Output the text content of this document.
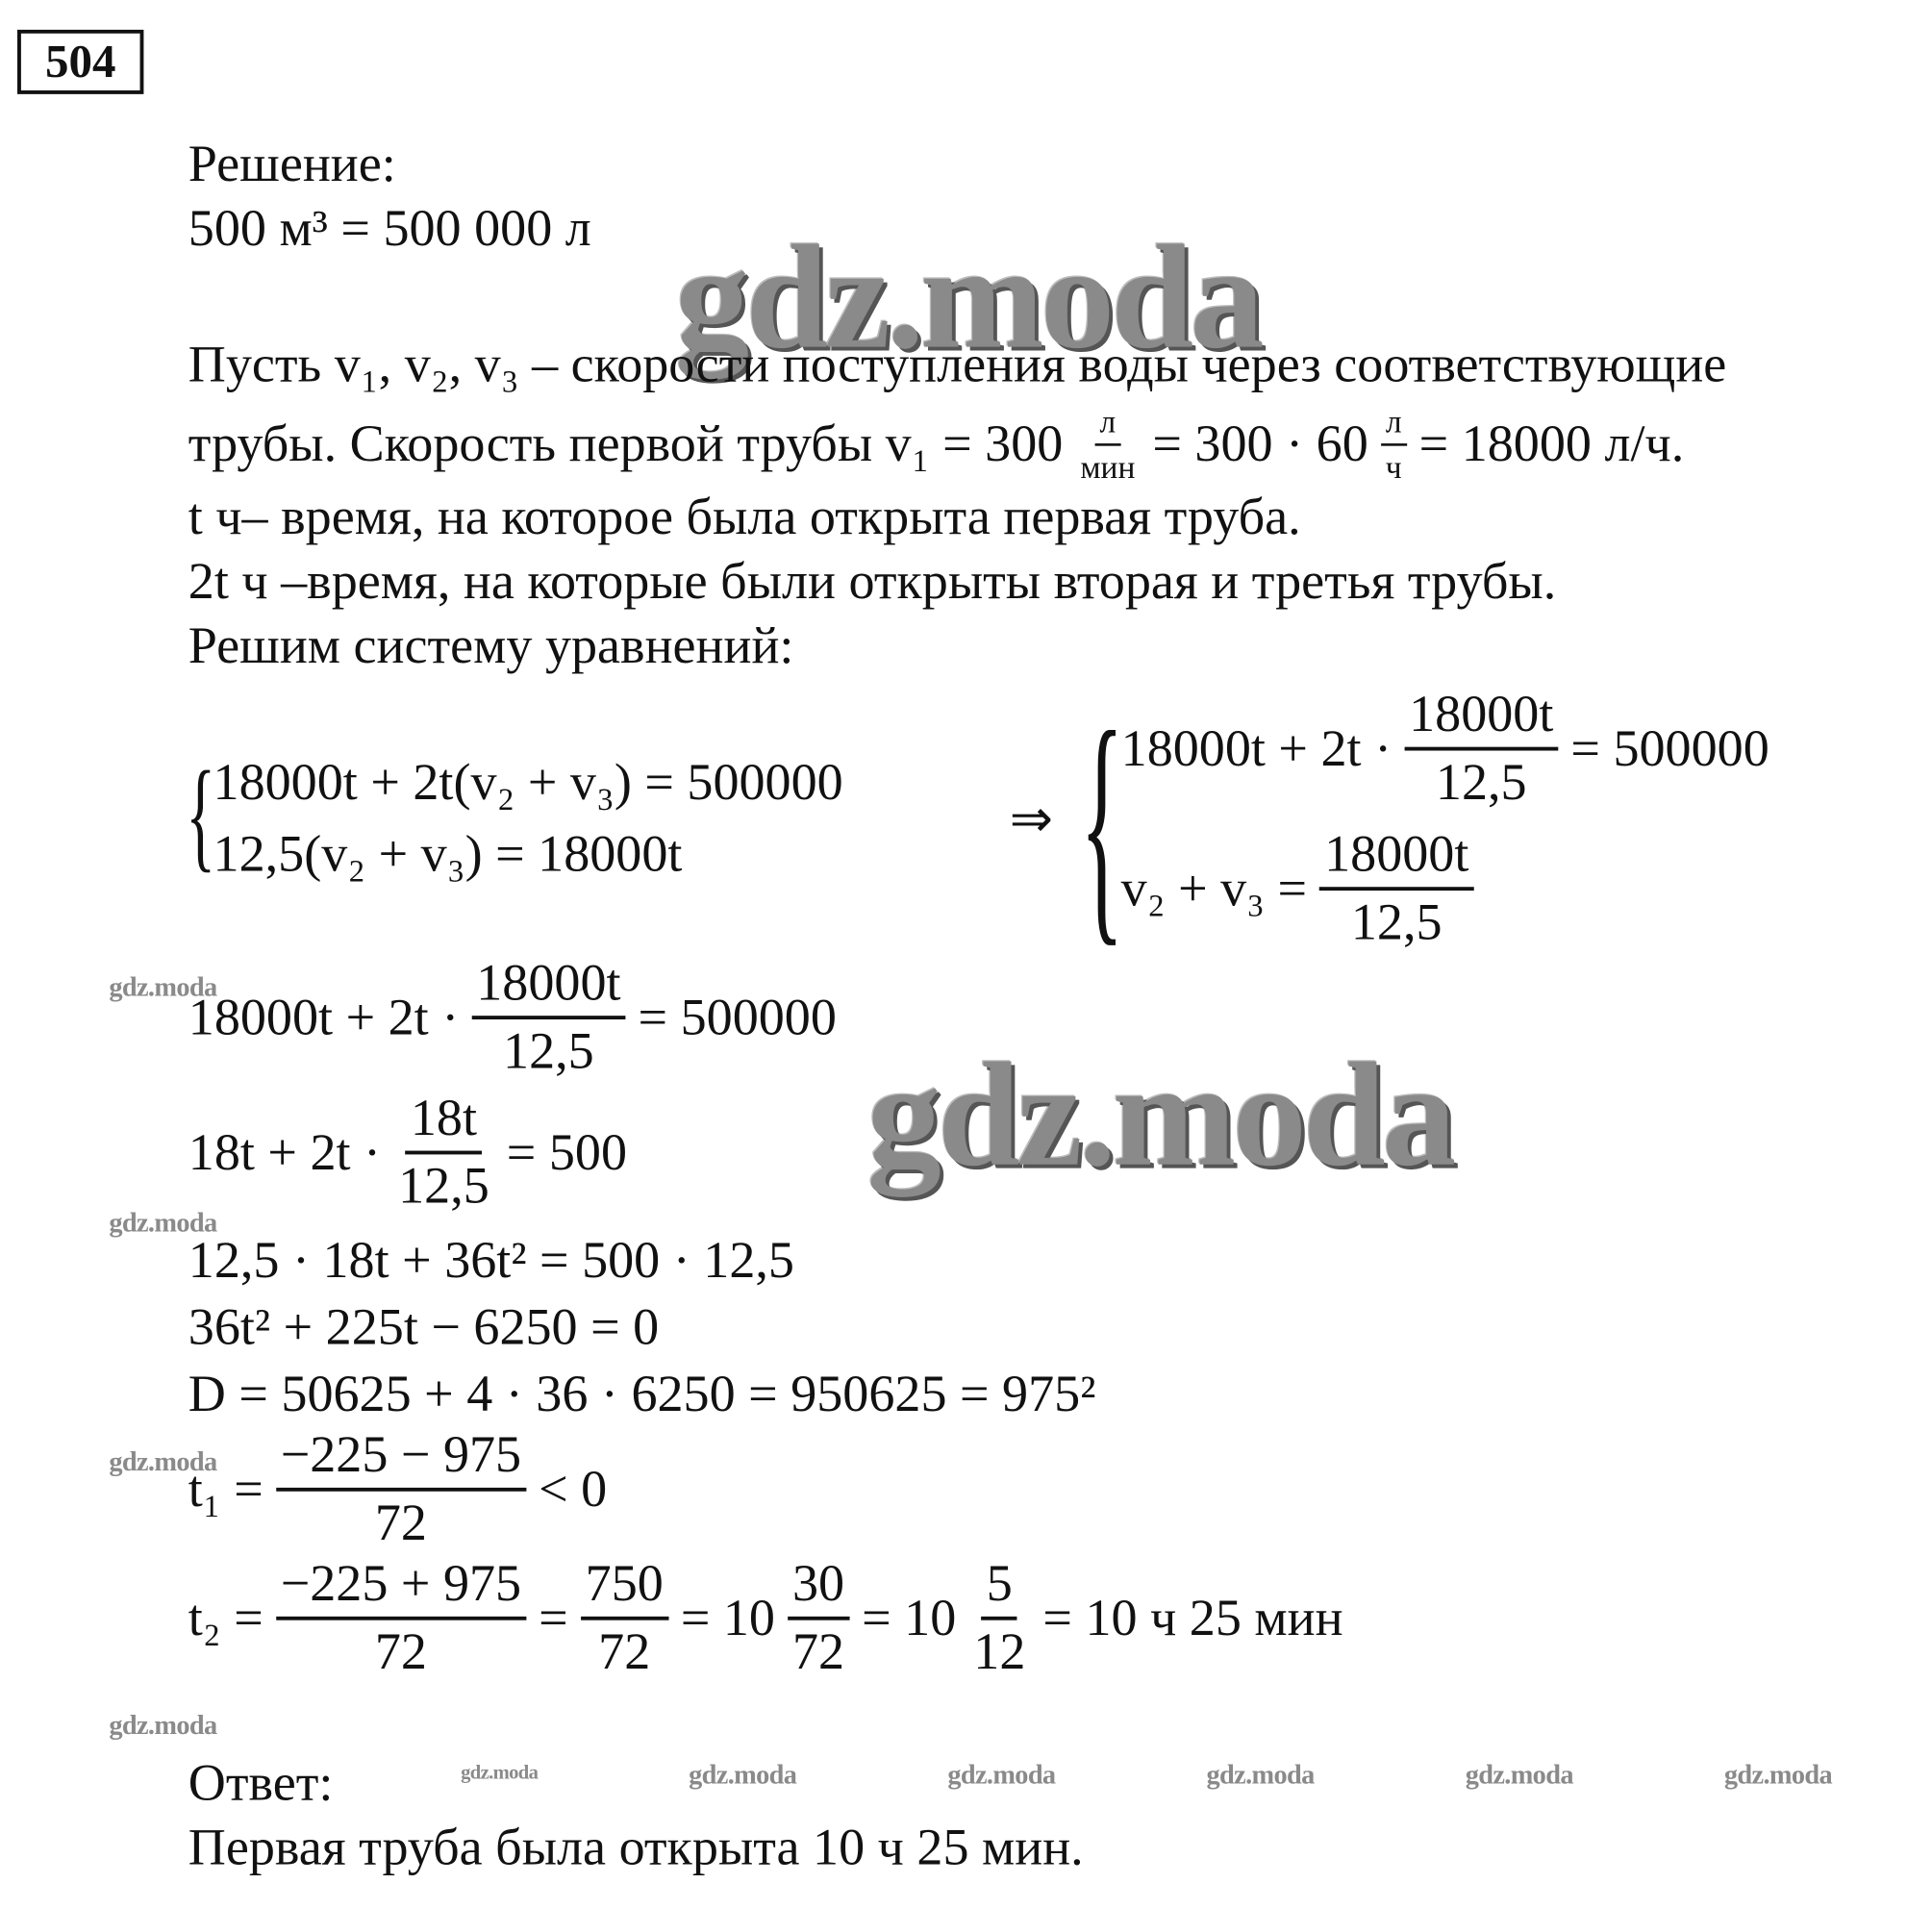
504
Решение:
500 м³ = 500 000 л gdz.moda
Пусть v₁, v₂, v₃ – скорости поступления воды через соответствующие
трубы. Скорость первой трубы $v_1 = 300 \frac{л}{\text{мин}} = 300 \cdot 60 \frac{л}{ч} = 18000$ л/ч.
t ч– время, на которое была открыта первая труба.
2t ч –время, на которые были открыты вторая и третья трубы.
Решим систему уравнений:
{
18000t + 2t(v₂ + v₃) = 500000
12,5(v₂ + v₃) = 18000t
⇒ {
$18000t + 2t \cdot \frac{18000t}{12,5} = 500000$
$v_2 + v_3 = \frac{18000t}{12,5}$
gdz.moda
gdz.moda
gdz.moda
gdz.moda
gdz.moda	gdz.moda	gdz.moda	gdz.moda	gdz.moda	gdz.moda
$18000t + 2t \cdot \frac{18000t}{12,5} = 500000$
gdz.moda
$18t + 2t \cdot \frac{18t}{12,5} = 500$
12,5 · 18t + 36t² = 500 · 12,5
36t² + 225t − 6250 = 0
D = 50625 + 4 · 36 · 6250 = 950625 = 975²
$t_1 = \frac{-225 - 975}{72} < 0$
$t_2 = \frac{-225 + 975}{72} = \frac{750}{72} = 10 \frac{30}{72} = 10 \frac{5}{12} = 10$ ч 25 мин
Ответ:
Первая труба была открыта 10 ч 25 мин.
